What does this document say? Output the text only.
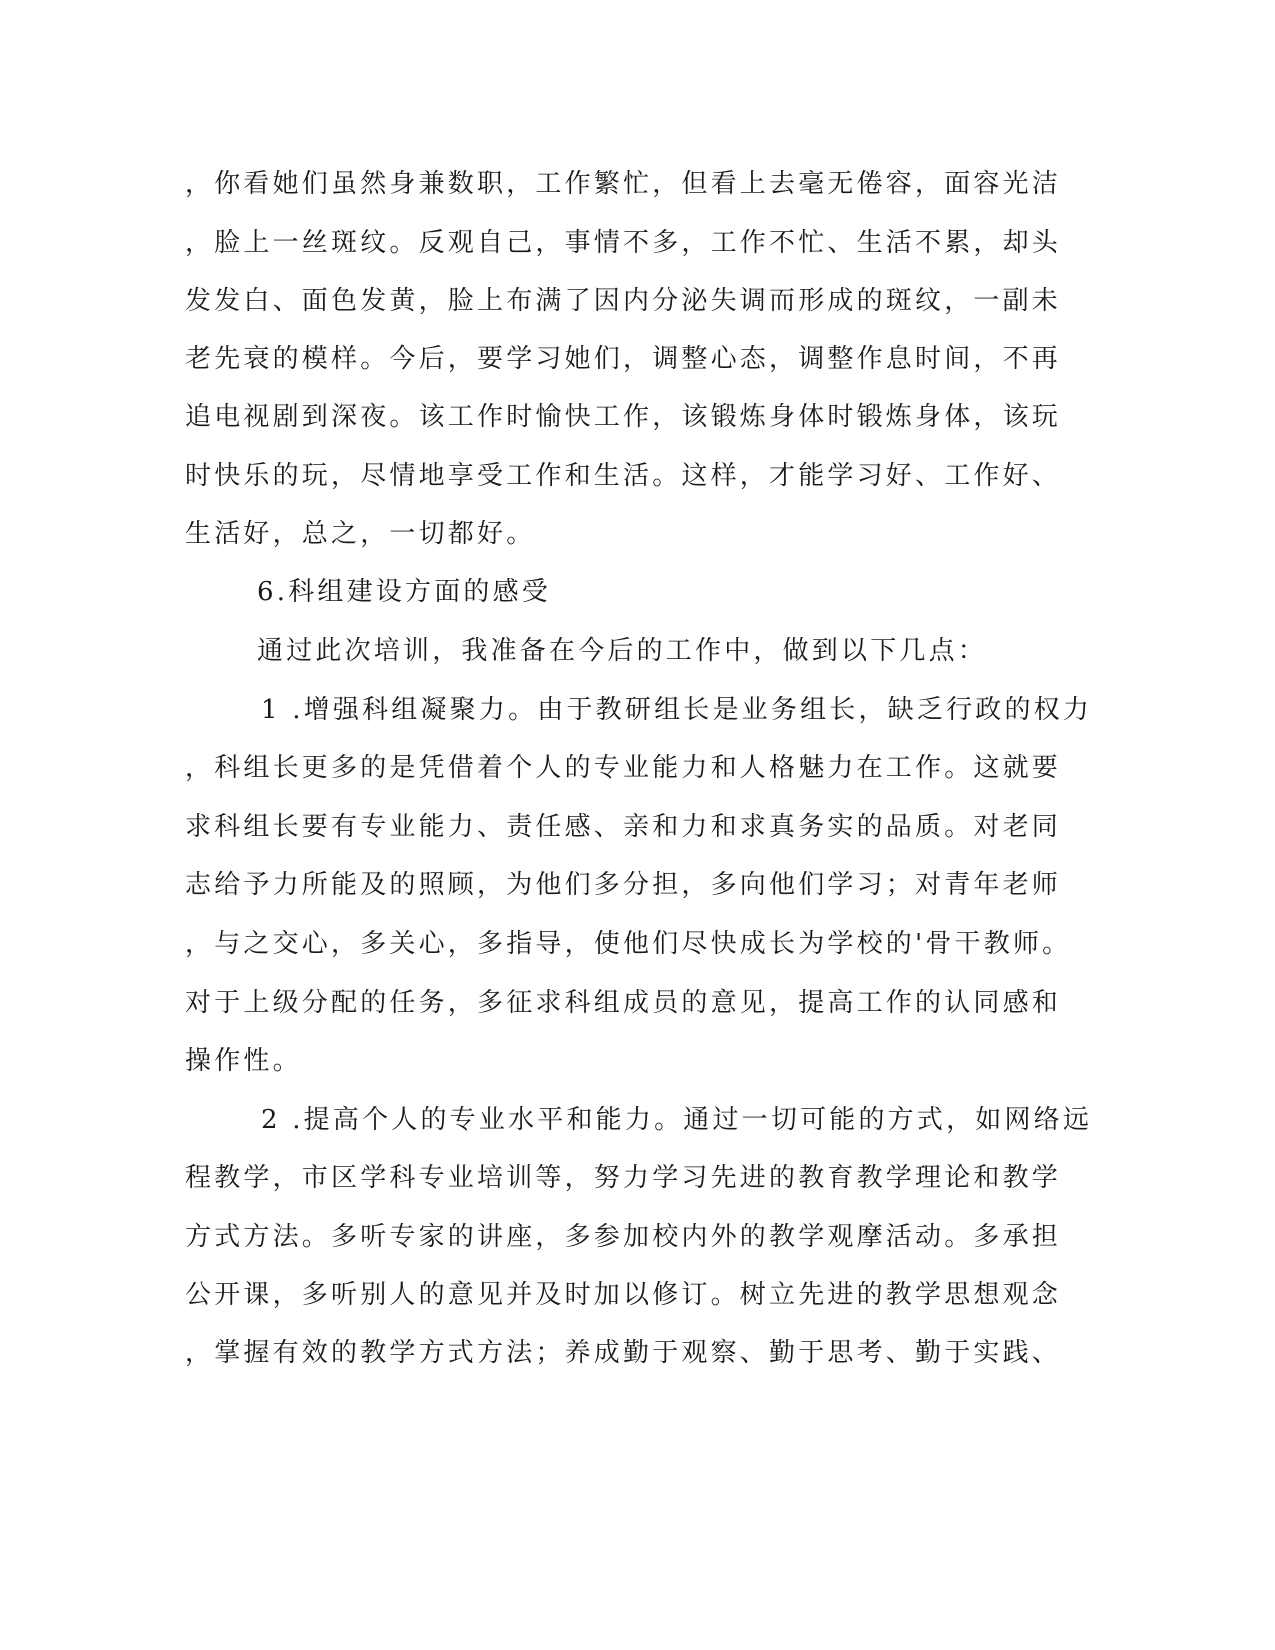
，你看她们虽然身兼数职，工作繁忙，但看上去毫无倦容，面容光洁
，脸上一丝斑纹。反观自己，事情不多，工作不忙、生活不累，却头
发发白、面色发黄，脸上布满了因内分泌失调而形成的斑纹，一副未
老先衰的模样。今后，要学习她们，调整心态，调整作息时间，不再
追电视剧到深夜。该工作时愉快工作，该锻炼身体时锻炼身体，该玩
时快乐的玩，尽情地享受工作和生活。这样，才能学习好、工作好、
生活好，总之，一切都好。
6.科组建设方面的感受
通过此次培训，我准备在今后的工作中，做到以下几点：
1 .增强科组凝聚力。由于教研组长是业务组长，缺乏行政的权力
，科组长更多的是凭借着个人的专业能力和人格魅力在工作。这就要
求科组长要有专业能力、责任感、亲和力和求真务实的品质。对老同
志给予力所能及的照顾，为他们多分担，多向他们学习；对青年老师
，与之交心，多关心，多指导，使他们尽快成长为学校的'骨干教师。
对于上级分配的任务，多征求科组成员的意见，提高工作的认同感和
操作性。
2 .提高个人的专业水平和能力。通过一切可能的方式，如网络远
程教学，市区学科专业培训等，努力学习先进的教育教学理论和教学
方式方法。多听专家的讲座，多参加校内外的教学观摩活动。多承担
公开课，多听别人的意见并及时加以修订。树立先进的教学思想观念
，掌握有效的教学方式方法；养成勤于观察、勤于思考、勤于实践、
